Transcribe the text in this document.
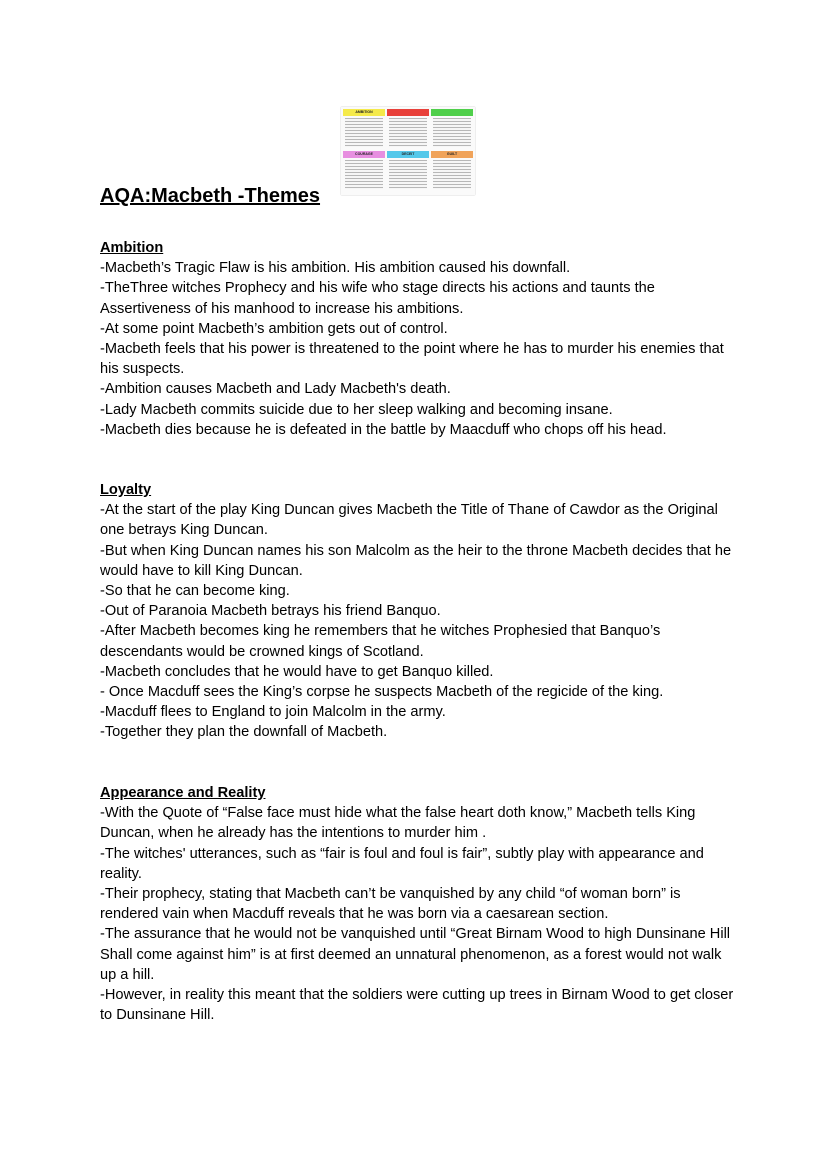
AMBITION
COURAGE	DECEIT	GUILT
AQA:Macbeth -Themes
Ambition

-Macbeth’s Tragic Flaw is his ambition. His ambition caused his downfall.

-TheThree witches Prophecy and his wife who stage directs his actions and taunts the Assertiveness of his manhood to increase his ambitions.

-At some point Macbeth’s ambition gets out of control.

-Macbeth feels that his power is threatened to the point where he has to murder his enemies that his suspects.

-Ambition causes Macbeth and Lady Macbeth's death.

-Lady Macbeth commits suicide due to her sleep walking and becoming insane.

-Macbeth dies because he is defeated in the battle by Maacduff who chops off his head.

Loyalty

-At the start of the play King Duncan gives Macbeth the Title of Thane of Cawdor as the Original one betrays King Duncan.

-But when King Duncan names his son Malcolm as the heir to the throne Macbeth decides that he would have to kill King Duncan.

-So that he can become king.

-Out of Paranoia Macbeth betrays his friend Banquo.

-After Macbeth becomes king he remembers that he witches Prophesied that Banquo’s descendants would be crowned kings of Scotland.

-Macbeth concludes that he would have to get Banquo killed.

- Once Macduff sees the King’s corpse he suspects Macbeth of the regicide of the king.

-Macduff flees to England to join Malcolm in the army.

-Together they plan the downfall of Macbeth.

Appearance and Reality

-With the Quote of “False face must hide what the false heart doth know,” Macbeth tells King Duncan, when he already has the intentions to murder him .

-The witches' utterances, such as “fair is foul and foul is fair”, subtly play with appearance and reality.

-Their prophecy, stating that Macbeth can’t be vanquished by any child “of woman born” is rendered vain when Macduff reveals that he was born via a caesarean section.

-The assurance that he would not be vanquished until “Great Birnam Wood to high Dunsinane Hill Shall come against him” is at first deemed an unnatural phenomenon, as a forest would not walk up a hill.

-However, in reality this meant that the soldiers were cutting up trees in Birnam Wood to get closer to Dunsinane Hill.
